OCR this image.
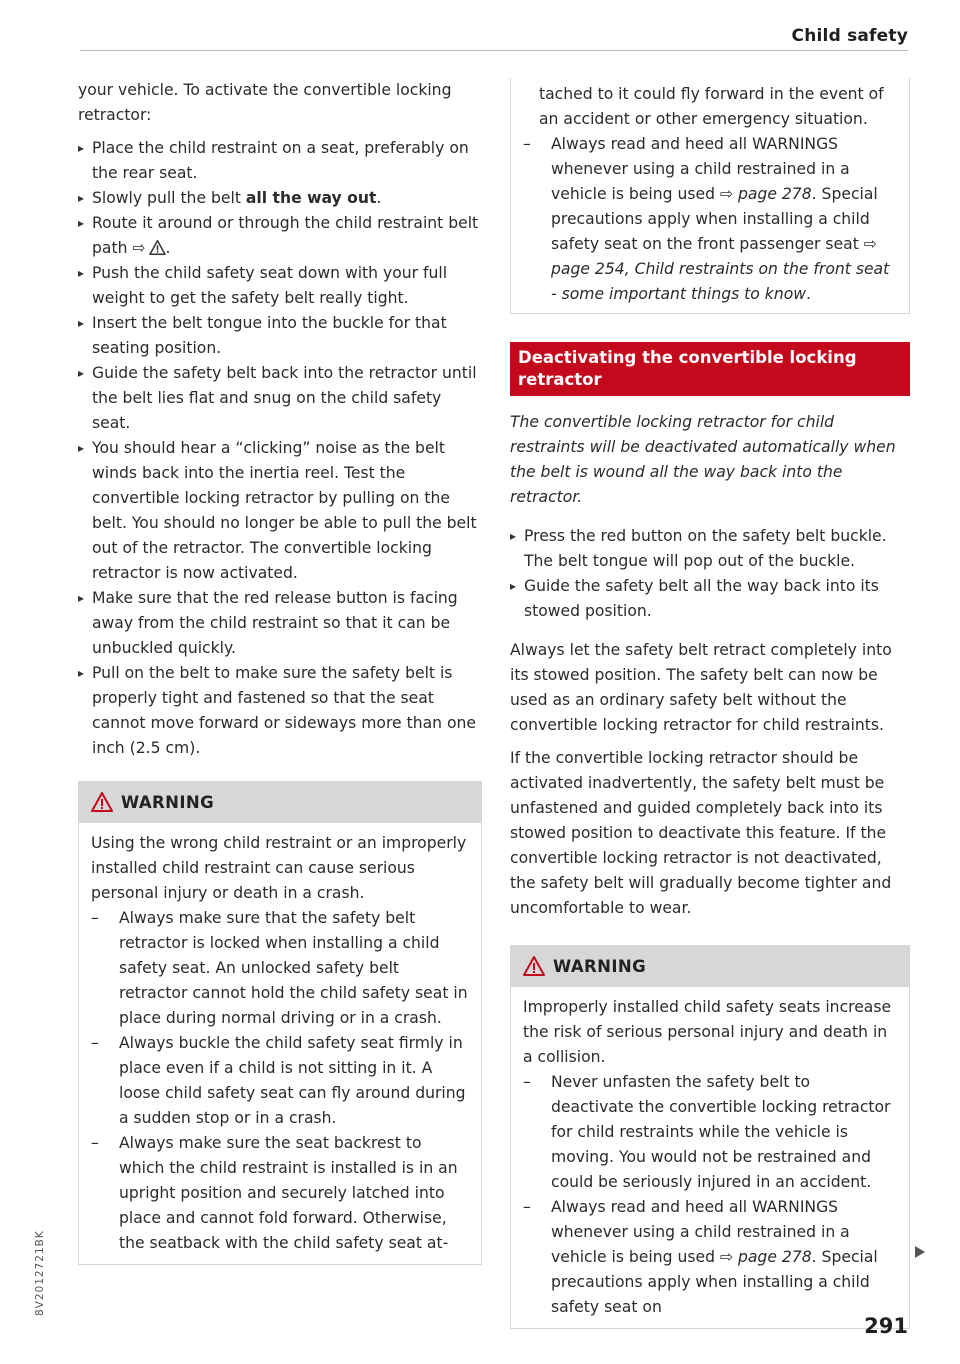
Child safety

your vehicle. To activate the convertible locking retractor:

▸ Place the child restraint on a seat, preferably on the rear seat.

▸ Slowly pull the belt all the way out.

▸ Route it around or through the child restraint belt path ⇨ .

▸ Push the child safety seat down with your full weight to get the safety belt really tight.

▸ Insert the belt tongue into the buckle for that seating position.

▸ Guide the safety belt back into the retractor until the belt lies flat and snug on the child safety seat.

▸ You should hear a “clicking” noise as the belt winds back into the inertia reel. Test the convertible locking retractor by pulling on the belt. You should no longer be able to pull the belt out of the retractor. The convertible locking retractor is now activated.

▸ Make sure that the red release button is facing away from the child restraint so that it can be unbuckled quickly.

▸ Pull on the belt to make sure the safety belt is properly tight and fastened so that the seat cannot move forward or sideways more than one inch (2.5 cm).

WARNING

Using the wrong child restraint or an improperly installed child restraint can cause serious personal injury or death in a crash.

– Always make sure that the safety belt retractor is locked when installing a child safety seat. An unlocked safety belt retractor cannot hold the child safety seat in place during normal driving or in a crash.

– Always buckle the child safety seat firmly in place even if a child is not sitting in it. A loose child safety seat can fly around during a sudden stop or in a crash.

– Always make sure the seat backrest to which the child restraint is installed is in an upright position and securely latched into place and cannot fold forward. Otherwise, the seatback with the child safety seat at-

tached to it could fly forward in the event of an accident or other emergency situation.

– Always read and heed all WARNINGS whenever using a child restrained in a vehicle is being used ⇨ page 278. Special precautions apply when installing a child safety seat on the front passenger seat ⇨ page 254, Child restraints on the front seat - some important things to know.

Deactivating the convertible locking retractor

The convertible locking retractor for child restraints will be deactivated automatically when the belt is wound all the way back into the retractor.

▸ Press the red button on the safety belt buckle. The belt tongue will pop out of the buckle.

▸ Guide the safety belt all the way back into its stowed position.

Always let the safety belt retract completely into its stowed position. The safety belt can now be used as an ordinary safety belt without the convertible locking retractor for child restraints.

If the convertible locking retractor should be activated inadvertently, the safety belt must be unfastened and guided completely back into its stowed position to deactivate this feature. If the convertible locking retractor is not deactivated, the safety belt will gradually become tighter and uncomfortable to wear.

WARNING

Improperly installed child safety seats increase the risk of serious personal injury and death in a collision.

– Never unfasten the safety belt to deactivate the convertible locking retractor for child restraints while the vehicle is moving. You would not be restrained and could be seriously injured in an accident.

– Always read and heed all WARNINGS whenever using a child restrained in a vehicle is being used ⇨ page 278. Special precautions apply when installing a child safety seat on

291
8V2012721BK
